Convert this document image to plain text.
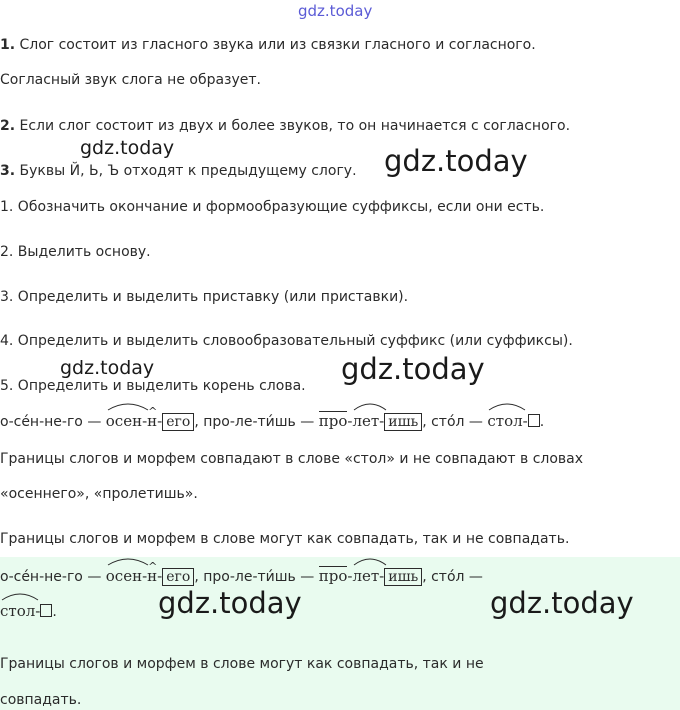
gdz.today
1. Слог состоит из гласного звука или из связки гласного и согласного.
Согласный звук слога не образует.
2. Если слог состоит из двух и более звуков, то он начинается с согласного.
gdz.today
3. Буквы Й, Ь, Ъ отходят к предыдущему слогу. gdz.today
1. Обозначить окончание и формообразующие суффиксы, если они есть.
2. Выделить основу.
3. Определить и выделить приставку (или приставки).
4. Определить и выделить словообразовательный суффикс (или суффиксы).
gdz.today
5. Определить и выделить корень слова. gdz.today
о-се́н-не-го —
осен-^ н- его , про-ле-ти́шь — про-
лет- ишь , сто́л —
стол- .
Границы слогов и морфем совпадают в слове «стол» и не совпадают в словах
«осеннего», «пролетишь».
Границы слогов и морфем в слове могут как совпадать, так и не совпадать.
о-се́н-не-го —
осен-^ н- его , про-ле-ти́шь — про-
лет- ишь , сто́л —
стол- .	gdz.today	gdz.today
Границы слогов и морфем в слове могут как совпадать, так и не
совпадать.
